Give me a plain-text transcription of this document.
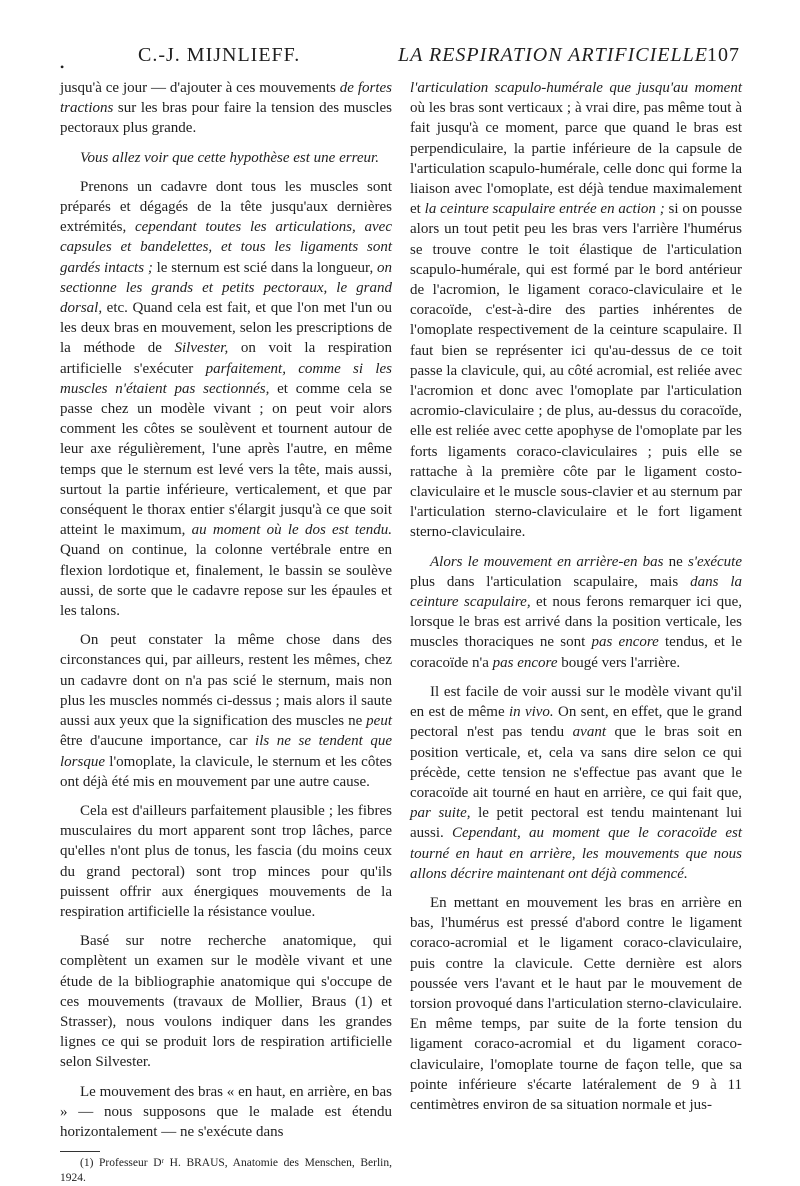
•
C.-J. MIJNLIEFF.	LA RESPIRATION ARTIFICIELLE 107

jusqu'à ce jour — d'ajouter à ces mouvements de fortes tractions sur les bras pour faire la tension des muscles pectoraux plus grande.

Vous allez voir que cette hypothèse est une erreur.

Prenons un cadavre dont tous les muscles sont préparés et dégagés de la tête jusqu'aux dernières extrémités, cependant toutes les articulations, avec capsules et bandelettes, et tous les ligaments sont gardés intacts ; le sternum est scié dans la longueur, on sectionne les grands et petits pectoraux, le grand dorsal, etc. Quand cela est fait, et que l'on met l'un ou les deux bras en mouvement, selon les prescriptions de la méthode de Silvester, on voit la respiration artificielle s'exécuter parfaitement, comme si les muscles n'étaient pas sectionnés, et comme cela se passe chez un modèle vivant ; on peut voir alors comment les côtes se soulèvent et tournent autour de leur axe régulièrement, l'une après l'autre, en même temps que le sternum est levé vers la tête, mais aussi, surtout la partie inférieure, verticalement, et que par conséquent le thorax entier s'élargit jusqu'à ce que soit atteint le maximum, au moment où le dos est tendu. Quand on continue, la colonne vertébrale entre en flexion lordotique et, finalement, le bassin se soulève aussi, de sorte que le cadavre repose sur les épaules et les talons.

On peut constater la même chose dans des circonstances qui, par ailleurs, restent les mêmes, chez un cadavre dont on n'a pas scié le sternum, mais non plus les muscles nommés ci-dessus ; mais alors il saute aussi aux yeux que la signification des muscles ne peut être d'aucune importance, car ils ne se tendent que lorsque l'omoplate, la clavicule, le sternum et les côtes ont déjà été mis en mouvement par une autre cause.

Cela est d'ailleurs parfaitement plausible ; les fibres musculaires du mort apparent sont trop lâches, parce qu'elles n'ont plus de tonus, les fascia (du moins ceux du grand pectoral) sont trop minces pour qu'ils puissent offrir aux énergiques mouvements de la respiration artificielle la résistance voulue.

Basé sur notre recherche anatomique, qui complètent un examen sur le modèle vivant et une étude de la bibliographie anatomique qui s'occupe de ces mouvements (travaux de Mollier, Braus (1) et Strasser), nous voulons indiquer dans les grandes lignes ce qui se produit lors de respiration artificielle selon Silvester.

Le mouvement des bras « en haut, en arrière, en bas » — nous supposons que le malade est étendu horizontalement — ne s'exécute dans

(1) Professeur Dʳ H. BRAUS, Anatomie des Menschen, Berlin, 1924.

l'articulation scapulo-humérale que jusqu'au moment où les bras sont verticaux ; à vrai dire, pas même tout à fait jusqu'à ce moment, parce que quand le bras est perpendiculaire, la partie inférieure de la capsule de l'articulation scapulo-humérale, celle donc qui forme la liaison avec l'omoplate, est déjà tendue maximalement et la ceinture scapulaire entrée en action ; si on pousse alors un tout petit peu les bras vers l'arrière l'humérus se trouve contre le toit élastique de l'articulation scapulo-humérale, qui est formé par le bord antérieur de l'acromion, le ligament coraco-claviculaire et le coracoïde, c'est-à-dire des parties inhérentes de l'omoplate respectivement de la ceinture scapulaire. Il faut bien se représenter ici qu'au-dessus de ce toit passe la clavicule, qui, au côté acromial, est reliée avec l'acromion et donc avec l'omoplate par l'articulation acromio-claviculaire ; de plus, au-dessus du coracoïde, elle est reliée avec cette apophyse de l'omoplate par les forts ligaments coraco-claviculaires ; puis elle se rattache à la première côte par le ligament costo-claviculaire et le muscle sous-clavier et au sternum par l'articulation sterno-claviculaire et le fort ligament sterno-claviculaire.

Alors le mouvement en arrière-en bas ne s'exécute plus dans l'articulation scapulaire, mais dans la ceinture scapulaire, et nous ferons remarquer ici que, lorsque le bras est arrivé dans la position verticale, les muscles thoraciques ne sont pas encore tendus, et le coracoïde n'a pas encore bougé vers l'arrière.

Il est facile de voir aussi sur le modèle vivant qu'il en est de même in vivo. On sent, en effet, que le grand pectoral n'est pas tendu avant que le bras soit en position verticale, et, cela va sans dire selon ce qui précède, cette tension ne s'effectue pas avant que le coracoïde ait tourné en haut en arrière, ce qui fait que, par suite, le petit pectoral est tendu maintenant lui aussi. Cependant, au moment que le coracoïde est tourné en haut en arrière, les mouvements que nous allons décrire maintenant ont déjà commencé.

En mettant en mouvement les bras en arrière en bas, l'humérus est pressé d'abord contre le ligament coraco-acromial et le ligament coraco-claviculaire, puis contre la clavicule. Cette dernière est alors poussée vers l'avant et le haut par le mouvement de torsion provoqué dans l'articulation sterno-claviculaire. En même temps, par suite de la forte tension du ligament coraco-acromial et du ligament coraco-claviculaire, l'omoplate tourne de façon telle, que sa pointe inférieure s'écarte latéralement de 9 à 11 centimètres environ de sa situation normale et jus-
